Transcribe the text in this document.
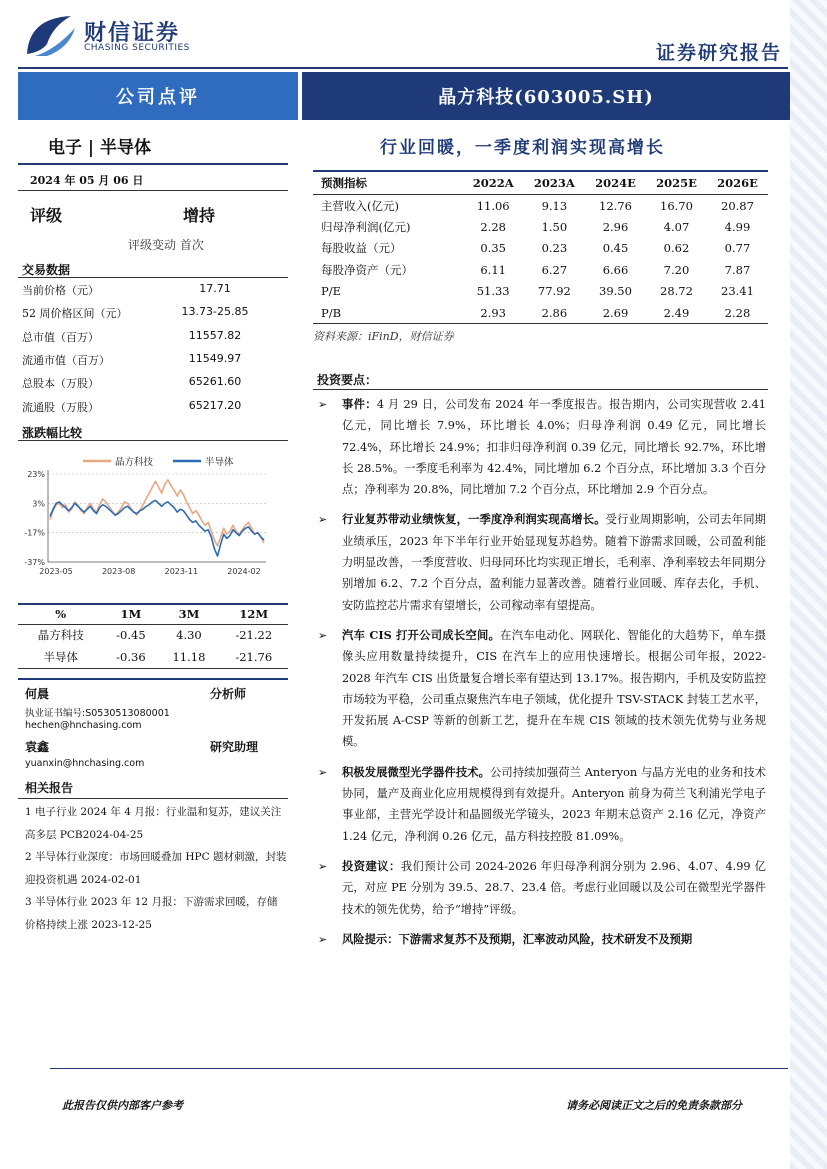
财信证券
CHASING SECURITIES	证券研究报告
公司点评	晶方科技(603005.SH)
电子 | 半导体	行业回暖，一季度利润实现高增长
2024 年 05 月 06 日
评级	增持
评级变动 首次
交易数据
当前价格（元）	17.71
52 周价格区间（元）	13.73-25.85
总市值（百万）	11557.82
流通市值（百万）	11549.97
总股本（万股）	65261.60
流通股（万股）	65217.20
涨跌幅比较
晶方科技	半导体
23%
3%
-17%
-37%
2023-05	2023-08	2023-11	2024-02
%	1M	3M	12M
晶方科技	-0.45	4.30	-21.22
半导体	-0.36	11.18	-21.76
何晨	分析师
执业证书编号:S0530513080001
hechen@hnchasing.com
袁鑫	研究助理
yuanxin@hnchasing.com
相关报告
1 电子行业 2024 年 4 月报：行业温和复苏，建议关注高多层 PCB2024-04-25
2 半导体行业深度：市场回暖叠加 HPC 题材刺激，封装迎投资机遇 2024-02-01
3 半导体行业 2023 年 12 月报：下游需求回暖，存储价格持续上涨 2023-12-25
预测指标	2022A	2023A	2024E	2025E	2026E
主营收入(亿元)	11.06	9.13	12.76	16.70	20.87
归母净利润(亿元)	2.28	1.50	2.96	4.07	4.99
每股收益（元）	0.35	0.23	0.45	0.62	0.77
每股净资产（元）	6.11	6.27	6.66	7.20	7.87
P/E	51.33	77.92	39.50	28.72	23.41
P/B	2.93	2.86	2.69	2.49	2.28
资料来源：iFinD，财信证券
投资要点：
➢ 事件：4 月 29 日，公司发布 2024 年一季度报告。报告期内，公司实现营收 2.41 亿元，同比增长 7.9%，环比增长 4.0%；归母净利润 0.49 亿元，同比增长 72.4%，环比增长 24.9%；扣非归母净利润 0.39 亿元，同比增长 92.7%，环比增长 28.5%。一季度毛利率为 42.4%，同比增加 6.2 个百分点，环比增加 3.3 个百分点；净利率为 20.8%，同比增加 7.2 个百分点，环比增加 2.9 个百分点。
➢ 行业复苏带动业绩恢复，一季度净利润实现高增长。受行业周期影响，公司去年同期业绩承压，2023 年下半年行业开始显现复苏趋势。随着下游需求回暖，公司盈利能力明显改善，一季度营收、归母同环比均实现正增长，毛利率、净利率较去年同期分别增加 6.2、7.2 个百分点，盈利能力显著改善。随着行业回暖、库存去化，手机、安防监控芯片需求有望增长，公司稼动率有望提高。
➢ 汽车 CIS 打开公司成长空间。在汽车电动化、网联化、智能化的大趋势下，单车摄像头应用数量持续提升，CIS 在汽车上的应用快速增长。根据公司年报，2022-2028 年汽车 CIS 出货量复合增长率有望达到 13.17%。报告期内，手机及安防监控市场较为平稳，公司重点聚焦汽车电子领域，优化提升 TSV-STACK 封装工艺水平，开发拓展 A-CSP 等新的创新工艺，提升在车规 CIS 领域的技术领先优势与业务规模。
➢ 积极发展微型光学器件技术。公司持续加强荷兰 Anteryon 与晶方光电的业务和技术协同，量产及商业化应用规模得到有效提升。Anteryon 前身为荷兰飞利浦光学电子事业部，主营光学设计和晶圆级光学镜头，2023 年期末总资产 2.16 亿元，净资产 1.24 亿元，净利润 0.26 亿元，晶方科技控股 81.09%。
➢ 投资建议：我们预计公司 2024-2026 年归母净利润分别为 2.96、4.07、4.99 亿元，对应 PE 分别为 39.5、28.7、23.4 倍。考虑行业回暖以及公司在微型光学器件技术的领先优势，给予“增持”评级。
➢ 风险提示：下游需求复苏不及预期，汇率波动风险，技术研发不及预期
此报告仅供内部客户参考	请务必阅读正文之后的免责条款部分
